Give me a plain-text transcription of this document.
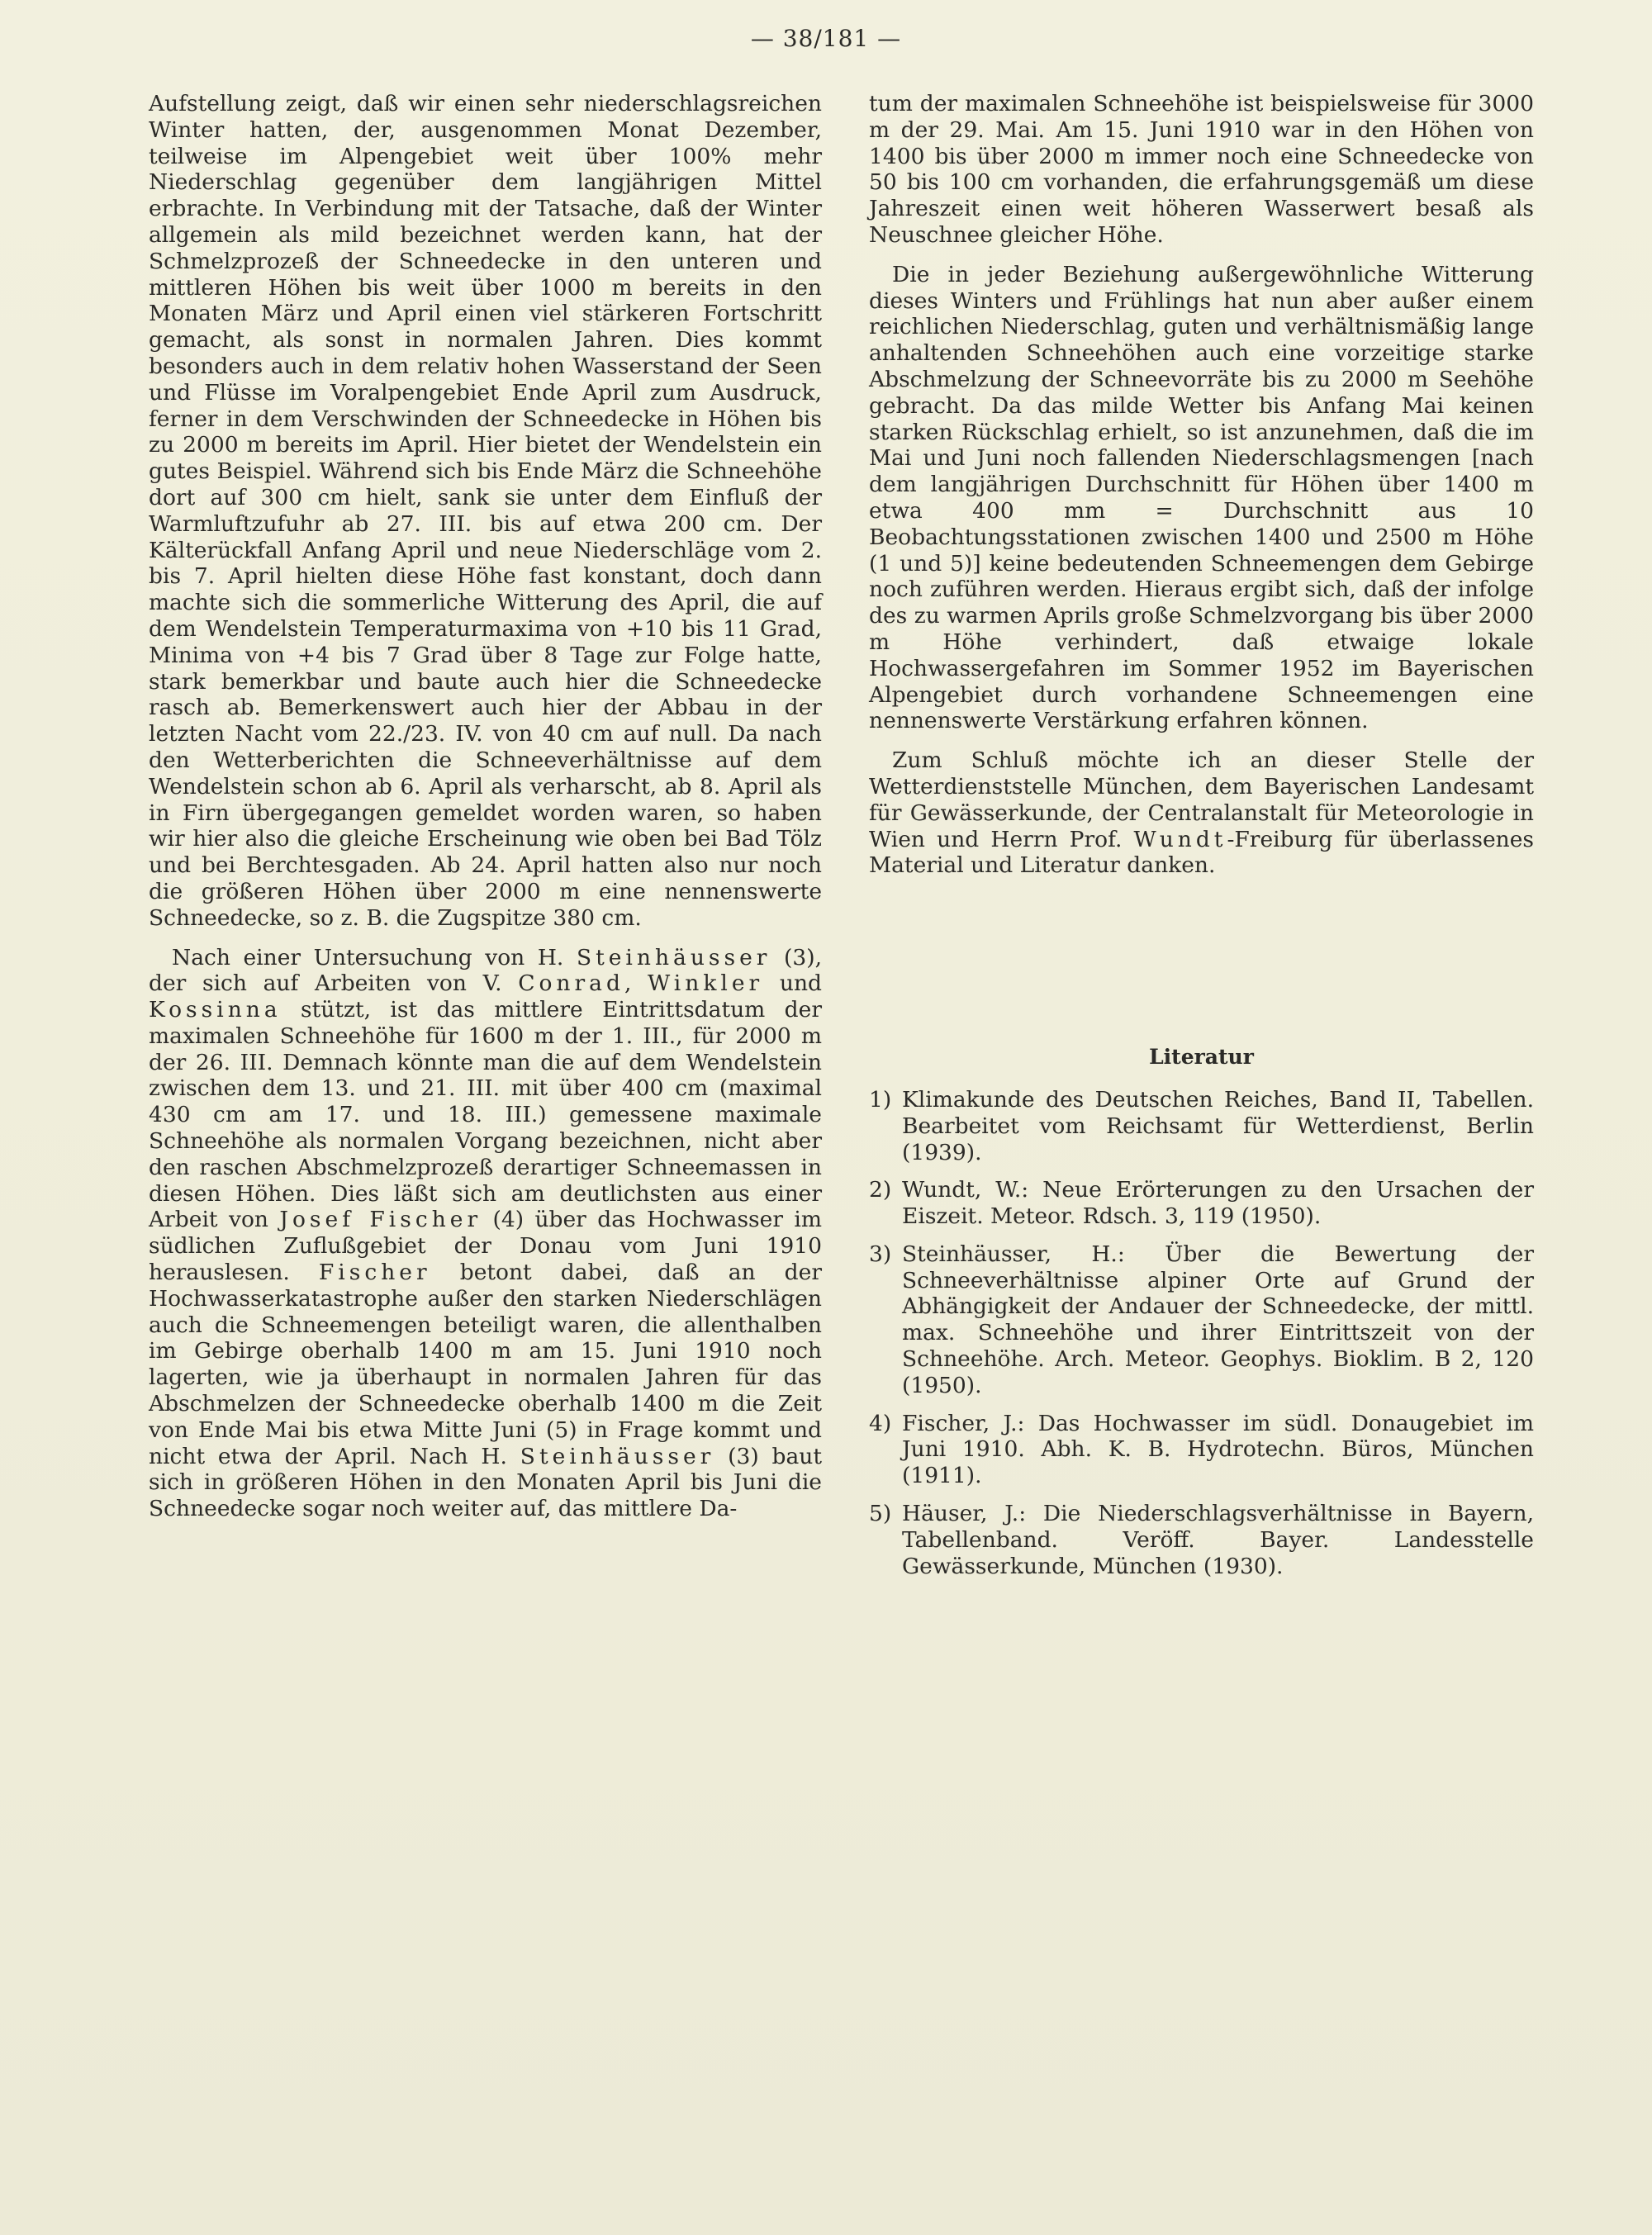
— 38/181 —

Aufstellung zeigt, daß wir einen sehr niederschlagsreichen Winter hatten, der, ausgenommen Monat Dezember, teilweise im Alpengebiet weit über 100% mehr Niederschlag gegenüber dem langjährigen Mittel erbrachte. In Verbindung mit der Tatsache, daß der Winter allgemein als mild bezeichnet werden kann, hat der Schmelzprozeß der Schneedecke in den unteren und mittleren Höhen bis weit über 1000 m bereits in den Monaten März und April einen viel stärkeren Fortschritt gemacht, als sonst in normalen Jahren. Dies kommt besonders auch in dem relativ hohen Wasserstand der Seen und Flüsse im Voralpengebiet Ende April zum Ausdruck, ferner in dem Verschwinden der Schneedecke in Höhen bis zu 2000 m bereits im April. Hier bietet der Wendelstein ein gutes Beispiel. Während sich bis Ende März die Schneehöhe dort auf 300 cm hielt, sank sie unter dem Einfluß der Warmluftzufuhr ab 27. III. bis auf etwa 200 cm. Der Kälterückfall Anfang April und neue Niederschläge vom 2. bis 7. April hielten diese Höhe fast konstant, doch dann machte sich die sommerliche Witterung des April, die auf dem Wendelstein Temperaturmaxima von +10 bis 11 Grad, Minima von +4 bis 7 Grad über 8 Tage zur Folge hatte, stark bemerkbar und baute auch hier die Schneedecke rasch ab. Bemerkenswert auch hier der Abbau in der letzten Nacht vom 22./23. IV. von 40 cm auf null. Da nach den Wetterberichten die Schneeverhältnisse auf dem Wendelstein schon ab 6. April als verharscht, ab 8. April als in Firn übergegangen gemeldet worden waren, so haben wir hier also die gleiche Erscheinung wie oben bei Bad Tölz und bei Berchtesgaden. Ab 24. April hatten also nur noch die größeren Höhen über 2000 m eine nennenswerte Schneedecke, so z. B. die Zugspitze 380 cm.

Nach einer Untersuchung von H. Steinhäusser (3), der sich auf Arbeiten von V. Conrad, Winkler und Kossinna stützt, ist das mittlere Eintrittsdatum der maximalen Schneehöhe für 1600 m der 1. III., für 2000 m der 26. III. Demnach könnte man die auf dem Wendelstein zwischen dem 13. und 21. III. mit über 400 cm (maximal 430 cm am 17. und 18. III.) gemessene maximale Schneehöhe als normalen Vorgang bezeichnen, nicht aber den raschen Abschmelzprozeß derartiger Schneemassen in diesen Höhen. Dies läßt sich am deutlichsten aus einer Arbeit von Josef Fischer (4) über das Hochwasser im südlichen Zuflußgebiet der Donau vom Juni 1910 herauslesen. Fischer betont dabei, daß an der Hochwasserkatastrophe außer den starken Niederschlägen auch die Schneemengen beteiligt waren, die allenthalben im Gebirge oberhalb 1400 m am 15. Juni 1910 noch lagerten, wie ja überhaupt in normalen Jahren für das Abschmelzen der Schneedecke oberhalb 1400 m die Zeit von Ende Mai bis etwa Mitte Juni (5) in Frage kommt und nicht etwa der April. Nach H. Steinhäusser (3) baut sich in größeren Höhen in den Monaten April bis Juni die Schneedecke sogar noch weiter auf, das mittlere Da-

tum der maximalen Schneehöhe ist beispielsweise für 3000 m der 29. Mai. Am 15. Juni 1910 war in den Höhen von 1400 bis über 2000 m immer noch eine Schneedecke von 50 bis 100 cm vorhanden, die erfahrungsgemäß um diese Jahreszeit einen weit höheren Wasserwert besaß als Neuschnee gleicher Höhe.

Die in jeder Beziehung außergewöhnliche Witterung dieses Winters und Frühlings hat nun aber außer einem reichlichen Niederschlag, guten und verhältnismäßig lange anhaltenden Schneehöhen auch eine vorzeitige starke Abschmelzung der Schneevorräte bis zu 2000 m Seehöhe gebracht. Da das milde Wetter bis Anfang Mai keinen starken Rückschlag erhielt, so ist anzunehmen, daß die im Mai und Juni noch fallenden Niederschlagsmengen [nach dem langjährigen Durchschnitt für Höhen über 1400 m etwa 400 mm = Durchschnitt aus 10 Beobachtungsstationen zwischen 1400 und 2500 m Höhe (1 und 5)] keine bedeutenden Schneemengen dem Gebirge noch zuführen werden. Hieraus ergibt sich, daß der infolge des zu warmen Aprils große Schmelzvorgang bis über 2000 m Höhe verhindert, daß etwaige lokale Hochwassergefahren im Sommer 1952 im Bayerischen Alpengebiet durch vorhandene Schneemengen eine nennenswerte Verstärkung erfahren können.

Zum Schluß möchte ich an dieser Stelle der Wetterdienststelle München, dem Bayerischen Landesamt für Gewässerkunde, der Centralanstalt für Meteorologie in Wien und Herrn Prof. Wundt-Freiburg für überlassenes Material und Literatur danken.

Literatur

1) Klimakunde des Deutschen Reiches, Band II, Tabellen. Bearbeitet vom Reichsamt für Wetterdienst, Berlin (1939).
2) Wundt, W.: Neue Erörterungen zu den Ursachen der Eiszeit. Meteor. Rdsch. 3, 119 (1950).
3) Steinhäusser, H.: Über die Bewertung der Schneeverhältnisse alpiner Orte auf Grund der Abhängigkeit der Andauer der Schneedecke, der mittl. max. Schneehöhe und ihrer Eintrittszeit von der Schneehöhe. Arch. Meteor. Geophys. Bioklim. B 2, 120 (1950).
4) Fischer, J.: Das Hochwasser im südl. Donaugebiet im Juni 1910. Abh. K. B. Hydrotechn. Büros, München (1911).
5) Häuser, J.: Die Niederschlagsverhältnisse in Bayern, Tabellenband. Veröff. Bayer. Landesstelle Gewässerkunde, München (1930).
